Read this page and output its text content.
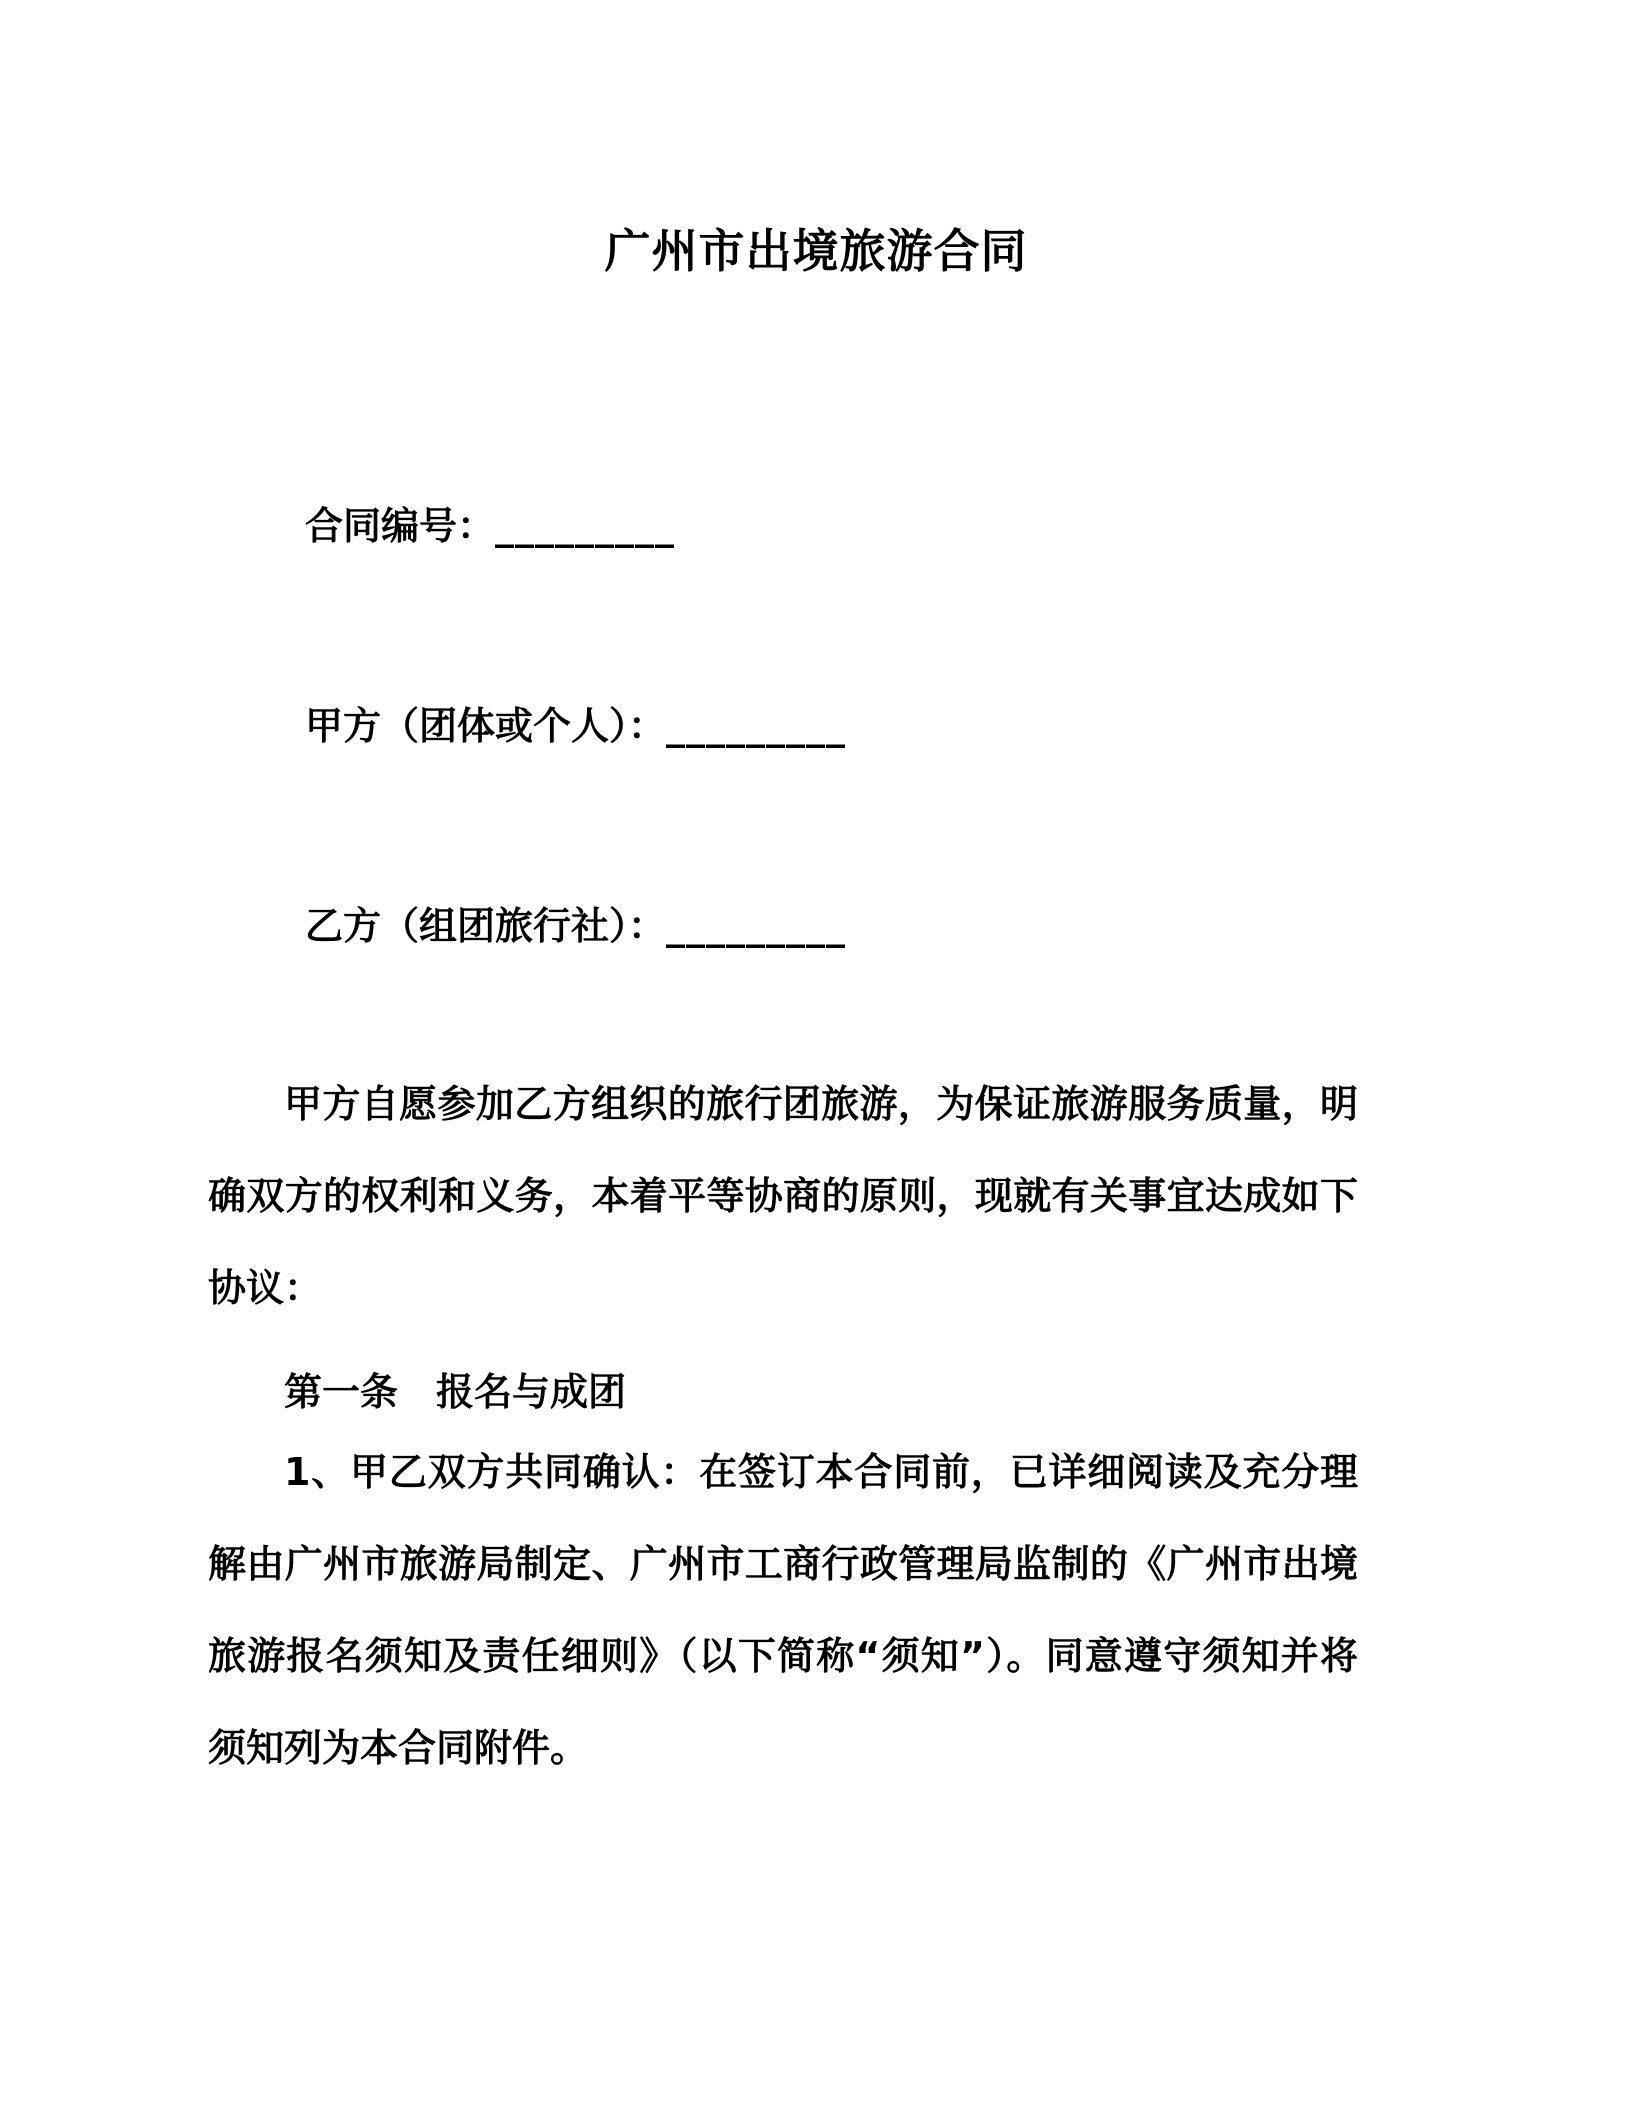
广州市出境旅游合同
合同编号：_________
甲方（团体或个人）：_________
乙方（组团旅行社）：_________

甲方自愿参加乙方组织的旅行团旅游，为保证旅游服务质量，明确双方的权利和义务，本着平等协商的原则，现就有关事宜达成如下协议：

第一条　报名与成团

1、甲乙双方共同确认：在签订本合同前，已详细阅读及充分理解由广州市旅游局制定、广州市工商行政管理局监制的《广州市出境旅游报名须知及责任细则》（以下简称“须知”）。同意遵守须知并将须知列为本合同附件。
